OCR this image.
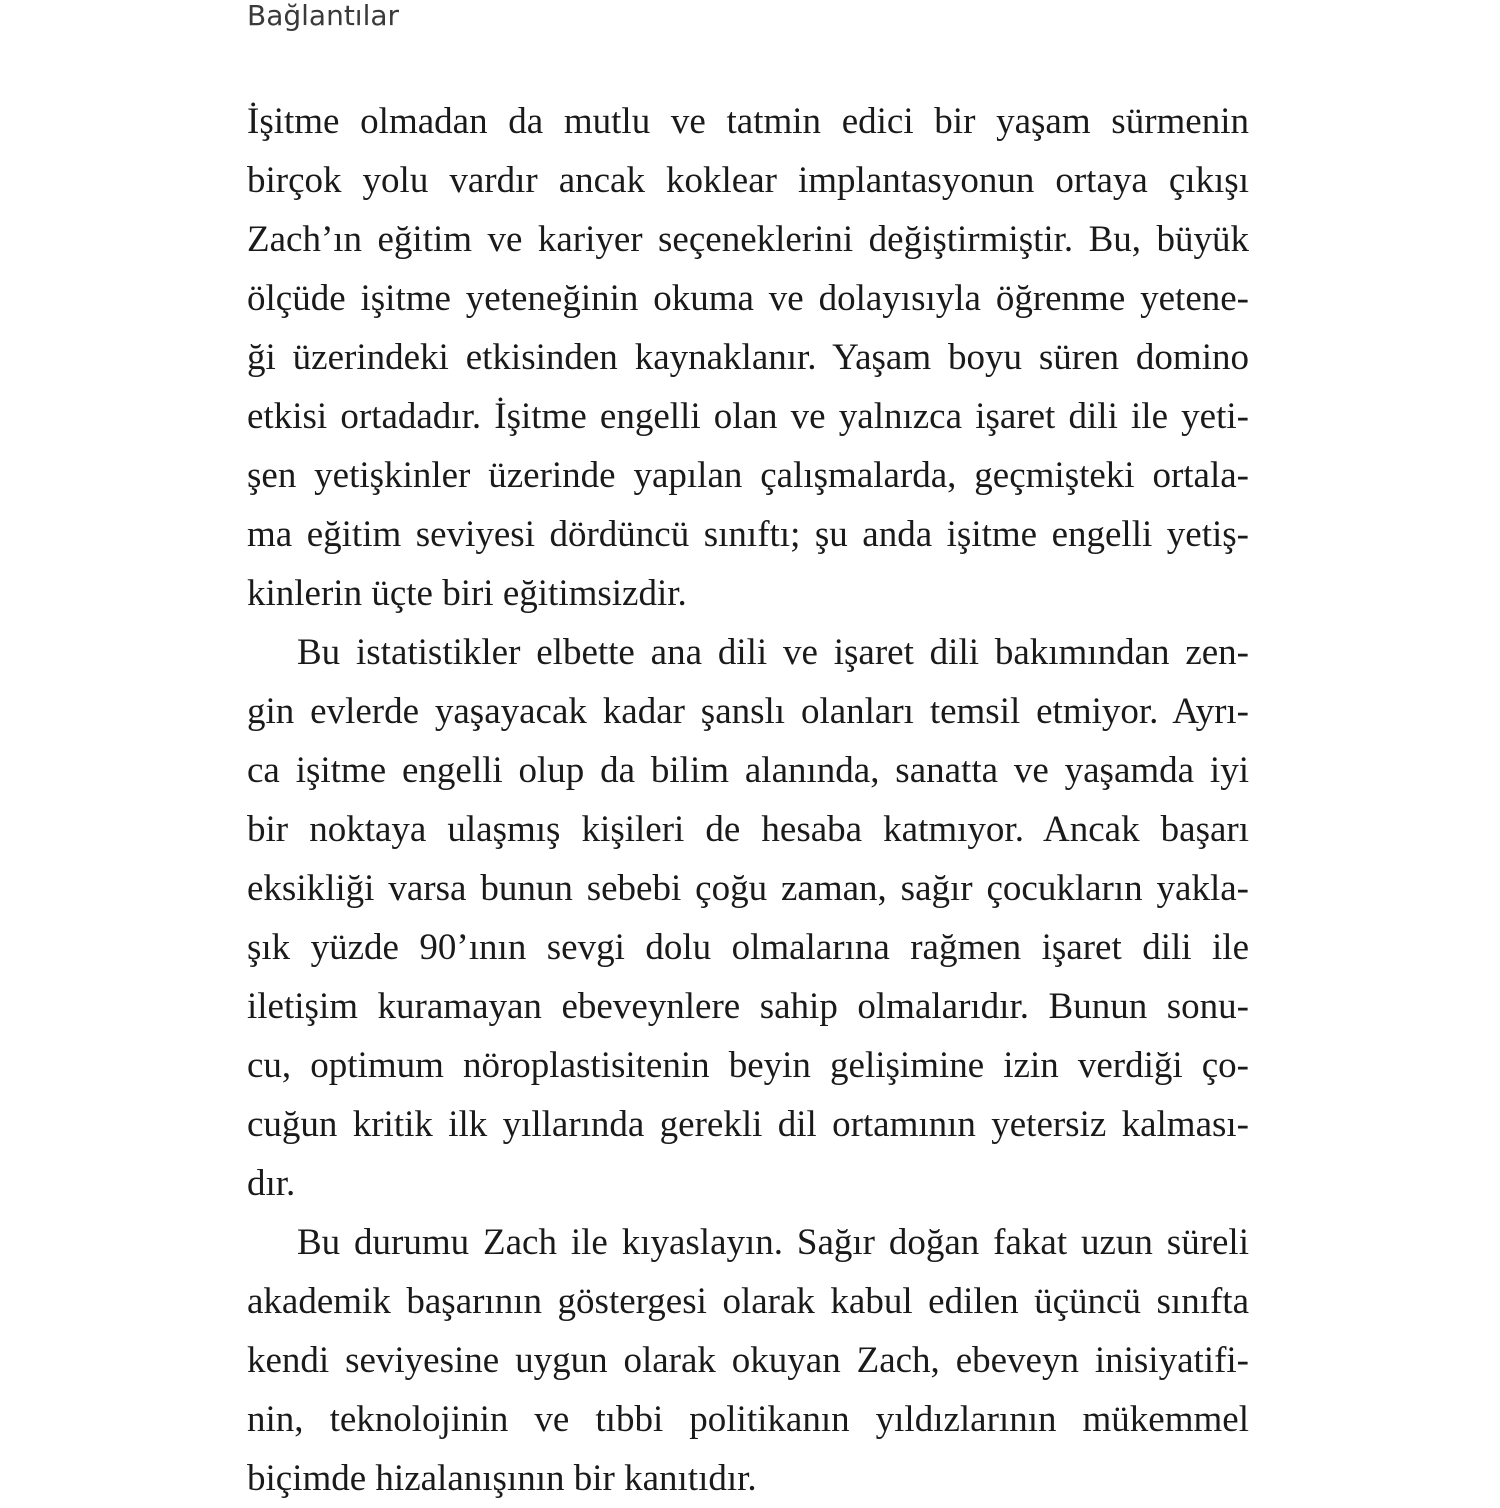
Bağlantılar
İşitme olmadan da mutlu ve tatmin edici bir yaşam sürmenin
birçok yolu vardır ancak koklear implantasyonun ortaya çıkışı
Zach’ın eğitim ve kariyer seçeneklerini değiştirmiştir. Bu, büyük
ölçüde işitme yeteneğinin okuma ve dolayısıyla öğrenme yetene-
ği üzerindeki etkisinden kaynaklanır. Yaşam boyu süren domino
etkisi ortadadır. İşitme engelli olan ve yalnızca işaret dili ile yeti-
şen yetişkinler üzerinde yapılan çalışmalarda, geçmişteki ortala-
ma eğitim seviyesi dördüncü sınıftı; şu anda işitme engelli yetiş-
kinlerin üçte biri eğitimsizdir.
Bu istatistikler elbette ana dili ve işaret dili bakımından zen-
gin evlerde yaşayacak kadar şanslı olanları temsil etmiyor. Ayrı-
ca işitme engelli olup da bilim alanında, sanatta ve yaşamda iyi
bir noktaya ulaşmış kişileri de hesaba katmıyor. Ancak başarı
eksikliği varsa bunun sebebi çoğu zaman, sağır çocukların yakla-
şık yüzde 90’ının sevgi dolu olmalarına rağmen işaret dili ile
iletişim kuramayan ebeveynlere sahip olmalarıdır. Bunun sonu-
cu, optimum nöroplastisitenin beyin gelişimine izin verdiği ço-
cuğun kritik ilk yıllarında gerekli dil ortamının yetersiz kalması-
dır.
Bu durumu Zach ile kıyaslayın. Sağır doğan fakat uzun süreli
akademik başarının göstergesi olarak kabul edilen üçüncü sınıfta
kendi seviyesine uygun olarak okuyan Zach, ebeveyn inisiyatifi-
nin, teknolojinin ve tıbbi politikanın yıldızlarının mükemmel
biçimde hizalanışının bir kanıtıdır.
